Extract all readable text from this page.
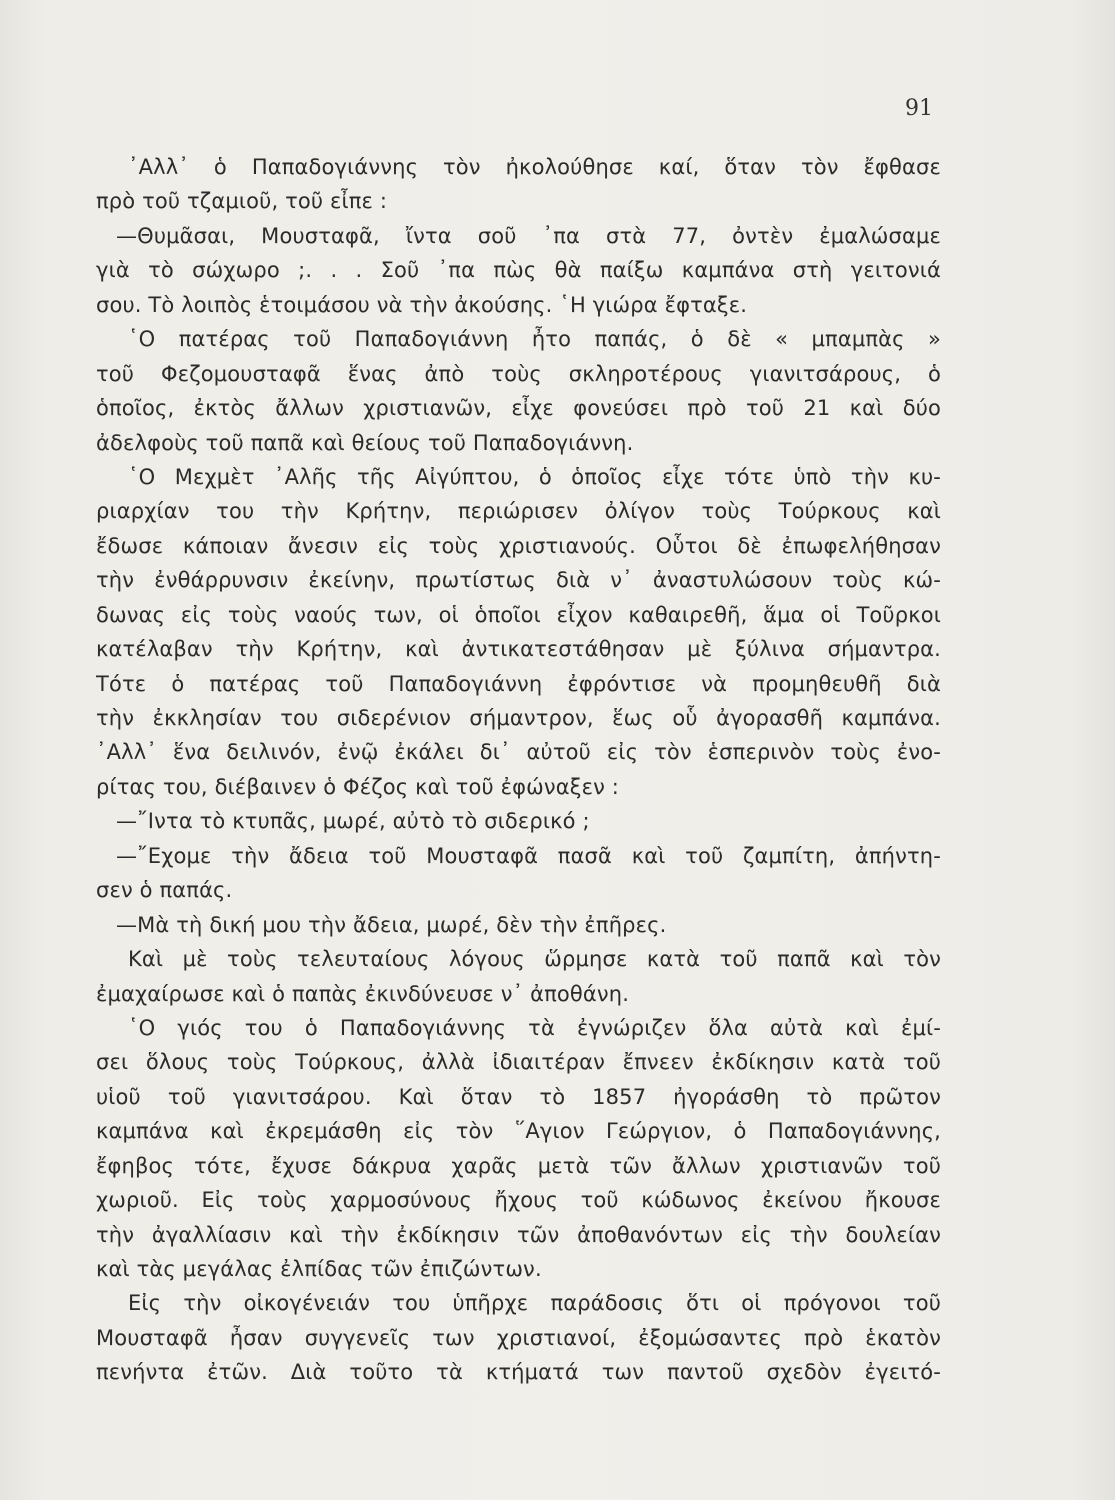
91
᾿Αλλ᾿ ὁ Παπαδογιάννης τὸν ἠκολούθησε καί, ὅταν τὸν ἔφθασε
πρὸ τοῦ τζαμιοῦ, τοῦ εἶπε :
—Θυμᾶσαι, Μουσταφᾶ, ἴντα σοῦ ᾿πα στὰ 77, ὀντὲν ἐμαλώσαμε
γιὰ τὸ σώχωρο ;. . . Σοῦ ᾿πα πὼς θὰ παίξω καμπάνα στὴ γειτονιά
σου. Τὸ λοιπὸς ἑτοιμάσου νὰ τὴν ἀκούσης. ῾Η γιώρα ἔφταξε.
῾Ο πατέρας τοῦ Παπαδογιάννη ἦτο παπάς, ὁ δὲ « μπαμπὰς »
τοῦ Φεζομουσταφᾶ ἕνας ἀπὸ τοὺς σκληροτέρους γιανιτσάρους, ὁ
ὁποῖος, ἐκτὸς ἄλλων χριστιανῶν, εἶχε φονεύσει πρὸ τοῦ 21 καὶ δύο
ἀδελφοὺς τοῦ παπᾶ καὶ θείους τοῦ Παπαδογιάννη.
῾Ο Μεχμὲτ ᾿Αλῆς τῆς Αἰγύπτου, ὁ ὁποῖος εἶχε τότε ὑπὸ τὴν κυ-
ριαρχίαν του τὴν Κρήτην, περιώρισεν ὀλίγον τοὺς Τούρκους καὶ
ἔδωσε κάποιαν ἄνεσιν εἰς τοὺς χριστιανούς. Οὗτοι δὲ ἐπωφελήθησαν
τὴν ἐνθάρρυνσιν ἐκείνην, πρωτίστως διὰ ν᾿ ἀναστυλώσουν τοὺς κώ-
δωνας εἰς τοὺς ναούς των, οἱ ὁποῖοι εἶχον καθαιρεθῆ, ἅμα οἱ Τοῦρκοι
κατέλαβαν τὴν Κρήτην, καὶ ἀντικατεστάθησαν μὲ ξύλινα σήμαντρα.
Τότε ὁ πατέρας τοῦ Παπαδογιάννη ἐφρόντισε νὰ προμηθευθῆ διὰ
τὴν ἐκκλησίαν του σιδερένιον σήμαντρον, ἕως οὗ ἀγορασθῆ καμπάνα.
᾿Αλλ᾿ ἕνα δειλινόν, ἐνῷ ἐκάλει δι᾿ αὐτοῦ εἰς τὸν ἑσπερινὸν τοὺς ἐνο-
ρίτας του, διέβαινεν ὁ Φέζος καὶ τοῦ ἐφώναξεν :
—῎Ιντα τὸ κτυπᾶς, μωρέ, αὐτὸ τὸ σιδερικό ;
—῎Εχομε τὴν ἄδεια τοῦ Μουσταφᾶ πασᾶ καὶ τοῦ ζαμπίτη, ἀπήντη-
σεν ὁ παπάς.
—Μὰ τὴ δική μου τὴν ἄδεια, μωρέ, δὲν τὴν ἐπῆρες.
Καὶ μὲ τοὺς τελευταίους λόγους ὥρμησε κατὰ τοῦ παπᾶ καὶ τὸν
ἐμαχαίρωσε καὶ ὁ παπὰς ἐκινδύνευσε ν᾿ ἀποθάνη.
῾Ο γιός του ὁ Παπαδογιάννης τὰ ἐγνώριζεν ὅλα αὐτὰ καὶ ἐμί-
σει ὅλους τοὺς Τούρκους, ἀλλὰ ἰδιαιτέραν ἔπνεεν ἐκδίκησιν κατὰ τοῦ
υἱοῦ τοῦ γιανιτσάρου. Καὶ ὅταν τὸ 1857 ἠγοράσθη τὸ πρῶτον
καμπάνα καὶ ἐκρεμάσθη εἰς τὸν ῞Αγιον Γεώργιον, ὁ Παπαδογιάννης,
ἔφηβος τότε, ἔχυσε δάκρυα χαρᾶς μετὰ τῶν ἄλλων χριστιανῶν τοῦ
χωριοῦ. Εἰς τοὺς χαρμοσύνους ἤχους τοῦ κώδωνος ἐκείνου ἤκουσε
τὴν ἀγαλλίασιν καὶ τὴν ἐκδίκησιν τῶν ἀποθανόντων εἰς τὴν δουλείαν
καὶ τὰς μεγάλας ἐλπίδας τῶν ἐπιζώντων.
Εἰς τὴν οἰκογένειάν του ὑπῆρχε παράδοσις ὅτι οἱ πρόγονοι τοῦ
Μουσταφᾶ ἦσαν συγγενεῖς των χριστιανοί, ἐξομώσαντες πρὸ ἑκατὸν
πενήντα ἐτῶν. Διὰ τοῦτο τὰ κτήματά των παντοῦ σχεδὸν ἐγειτό-
